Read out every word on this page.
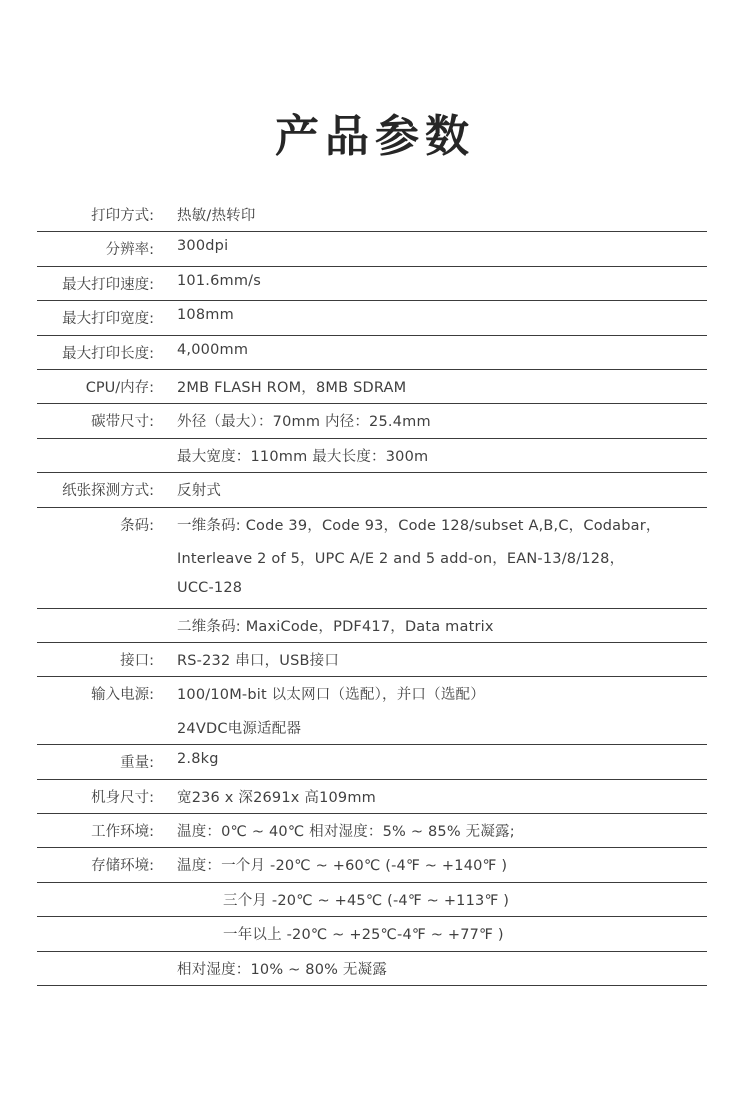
产品参数
打印方式: 热敏/热转印
分辨率: 300dpi
最大打印速度: 101.6mm/s
最大打印宽度: 108mm
最大打印长度: 4,000mm
CPU/内存: 2MB FLASH ROM，8MB SDRAM
碳带尺寸: 外径（最大）：70mm 内径：25.4mm
最大宽度：110mm 最大长度：300m
纸张探测方式: 反射式
条码: 一维条码: Code 39，Code 93，Code 128/subset A,B,C，Codabar，
Interleave 2 of 5，UPC A/E 2 and 5 add-on，EAN-13/8/128，
UCC-128
二维条码: MaxiCode，PDF417，Data matrix
接口: RS-232 串口，USB接口
输入电源: 100/10M-bit 以太网口（选配），并口（选配）
24VDC电源适配器
重量: 2.8kg
机身尺寸: 宽236 x 深2691x 高109mm
工作环境: 温度：0℃ ~ 40℃ 相对湿度：5% ~ 85% 无凝露;
存储环境: 温度：一个月 -20℃ ~ +60℃ (-4℉ ~ +140℉ )
三个月 -20℃ ~ +45℃ (-4℉ ~ +113℉ )
一年以上 -20℃ ~ +25℃-4℉ ~ +77℉ )
相对湿度：10% ~ 80% 无凝露
